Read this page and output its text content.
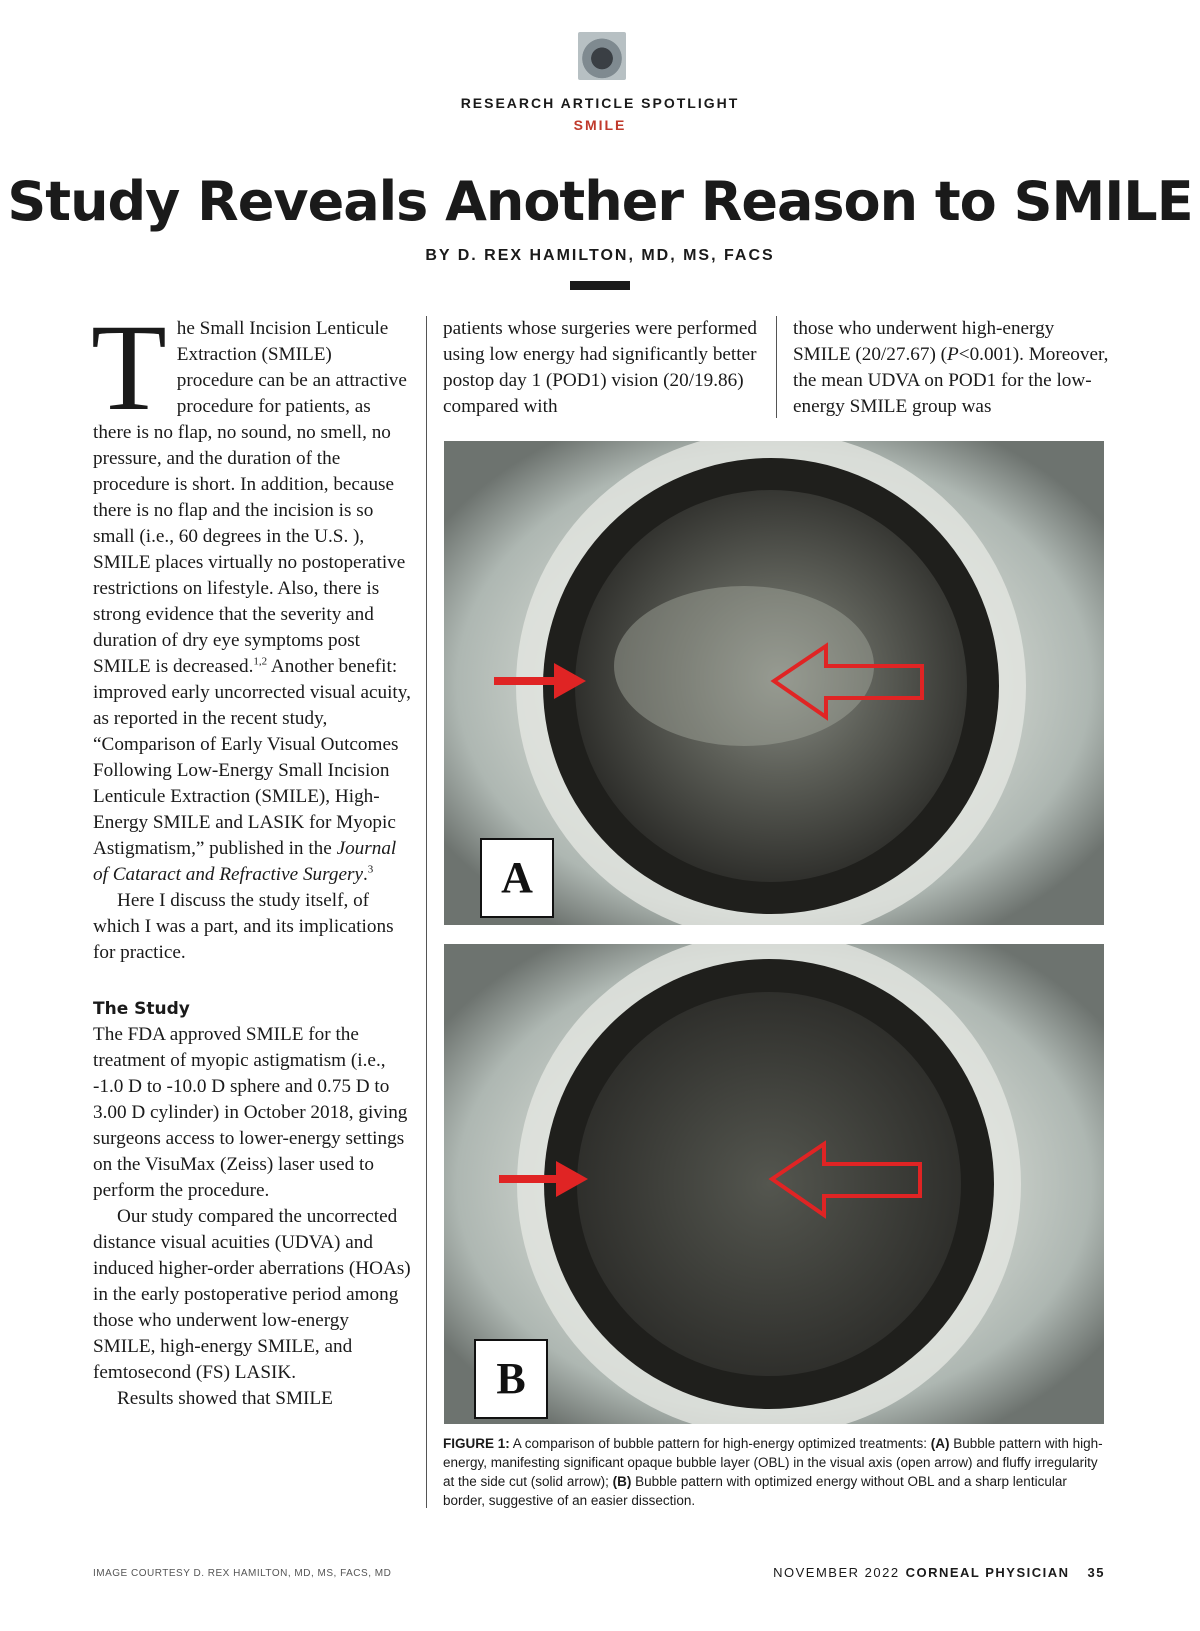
RESEARCH ARTICLE SPOTLIGHT
SMILE
Study Reveals Another Reason to SMILE
BY D. REX HAMILTON, MD, MS, FACS

The Small Incision Lenticule Extraction (SMILE) procedure can be an attractive procedure for patients, as there is no flap, no sound, no smell, no pressure, and the duration of the procedure is short. In addition, because there is no flap and the incision is so small (i.e., 60 degrees in the U.S. ), SMILE places virtually no postoperative restrictions on lifestyle. Also, there is strong evidence that the severity and duration of dry eye symptoms post SMILE is decreased.$^{1,2}$ Another benefit: improved early uncorrected visual acuity, as reported in the recent study, “Comparison of Early Visual Outcomes Following Low-Energy Small Incision Lenticule Extraction (SMILE), High-Energy SMILE and LASIK for Myopic Astigmatism,” published in the Journal of Cataract and Refractive Surgery.$^3$

Here I discuss the study itself, of which I was a part, and its implications for practice.

The Study

The FDA approved SMILE for the treatment of myopic astigmatism (i.e., -1.0 D to -10.0 D sphere and 0.75 D to 3.00 D cylinder) in October 2018, giving surgeons access to lower-energy settings on the VisuMax (Zeiss) laser used to perform the procedure.

Our study compared the uncorrected distance visual acuities (UDVA) and induced higher-order aberrations (HOAs) in the early postoperative period among those who underwent low-energy SMILE, high-energy SMILE, and femtosecond (FS) LASIK.

Results showed that SMILE

patients whose surgeries were performed using low energy had significantly better postop day 1 (POD1) vision (20/19.86) compared with

those who underwent high-energy SMILE (20/27.67) (P<0.001). Moreover, the mean UDVA on POD1 for the low-energy SMILE group was

A
B
FIGURE 1: A comparison of bubble pattern for high-energy optimized treatments: (A) Bubble pattern with high-energy, manifesting significant opaque bubble layer (OBL) in the visual axis (open arrow) and fluffy irregularity at the side cut (solid arrow); (B) Bubble pattern with optimized energy without OBL and a sharp lenticular border, suggestive of an easier dissection.
IMAGE COURTESY D. REX HAMILTON, MD, MS, FACS, MD	NOVEMBER 2022 CORNEAL PHYSICIAN 35
